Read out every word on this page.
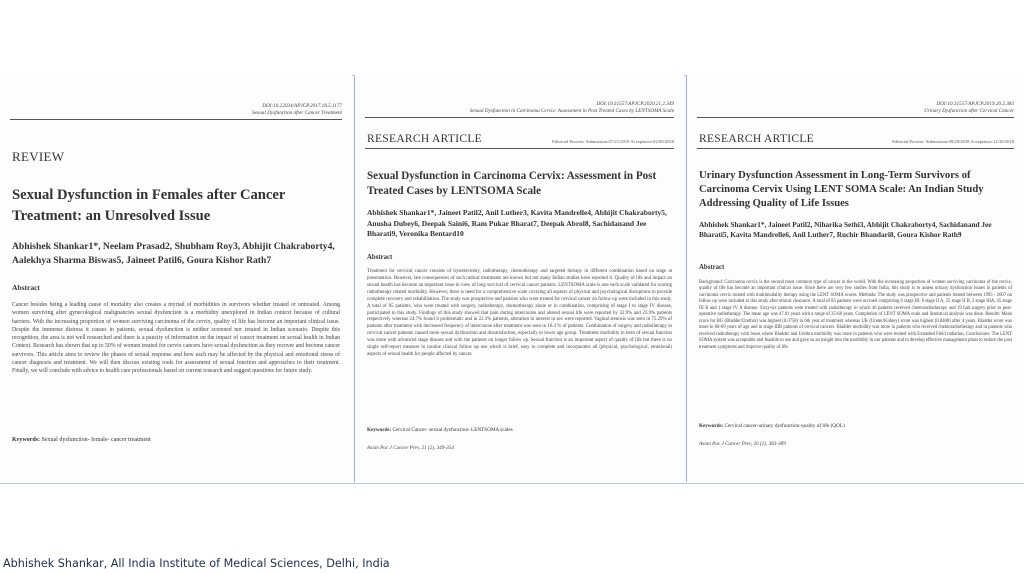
DOI:10.22034/APJCP.2017.18.5.1177
Sexual Dysfunction after Cancer Treatment
REVIEW
Sexual Dysfunction in Females after Cancer Treatment: an Unresolved Issue
Abhishek Shankar1*, Neelam Prasad2, Shubham Roy3, Abhijit Chakraborty4, Aalekhya Sharma Biswas5, Jaineet Patil6, Goura Kishor Rath7
Abstract
Cancer besides being a leading cause of mortality also creates a myriad of morbidities in survivors whether treated or untreated. Among women surviving after gynecological malignancies sexual dysfunction is a morbidity unexplored in Indian context because of cultural barriers. With the increasing proportion of women surviving carcinoma of the cervix, quality of life has become an important clinical issue. Despite the immense distress it causes in patients, sexual dysfunction is neither screened nor treated in Indian scenario. Despite this recognition, the area is not well researched and there is a paucity of information on the impact of cancer treatment on sexual health in Indian Context. Research has shown that up to 50% of women treated for cervix cancers have sexual dysfunction as they recover and become cancer survivors. This article aims to review the phases of sexual response and how each may be affected by the physical and emotional stress of cancer diagnosis and treatment. We will then discuss existing tools for assessment of sexual function and approaches to their treatment. Finally, we will conclude with advice to health care professionals based on current research and suggest questions for future study.
Keywords: Sexual dysfunction- female- cancer treatment
DOI:10.31557/APJCP.2020.21.2.349
Sexual Dysfunction in Carcinoma Cervix: Assessment in Post Treated Cases by LENTSOMA Scale
RESEARCH ARTICLE	Editorial Process: Submission:07/21/2019 Acceptance:02/09/2020
Sexual Dysfunction in Carcinoma Cervix: Assessment in Post Treated Cases by LENTSOMA Scale
Abhishek Shankar1*, Jaineet Patil2, Anil Luther3, Kavita Mandrelle4, Abhijit Chakraborty5, Anusha Dubey6, Deepak Saini6, Ram Pukar Bharat7, Deepak Abrol8, Sachidanand Jee Bharati9, Veronika Bentard10
Abstract
Treatment for cervical cancer consists of hysterectomy, radiotherapy, chemotherapy and targeted therapy in different combination based on stage at presentation. However, late consequences of such radical treatments are known but not many Indian studies have reported it. Quality of life and impact on sexual health has become an important issue in view of long survival of cervical cancer patients. LENTSOMA scale is one such scale validated for scoring radiotherapy related morbidity. However, there is need for a comprehensive scale covering all aspects of physical and psychological disruptions to provide complete recovery and rehabilitation. The study was prospective and patients who were treated for cervical cancer on follow up were included in this study. A total of 85 patients, who were treated with surgery, radiotherapy, chemotherapy alone or in combination, comprising of stage I to stage IV disease, participated in this study. Findings of this study showed that pain during intercourse and altered sexual life were reported by 32.9% and 25.9% patients respectively whereas 24.7% found it problematic and in 22.3% patients, alteration in interest in sex were reported. Vaginal stenosis was seen in 75.29% of patients after treatment with decreased frequency of intercourse after treatment was seen in 16.4 % of patients. Combination of surgery and radiotherapy in cervical cancer patients caused more sexual dysfunction and dissatisfaction, especially in lower age group. Treatment morbidity in term of sexual function was more with advanced stage disease and with the patients on longer follow up. Sexual function is an important aspect of quality of life but there is no single self-report measure in routine clinical follow up use which is brief, easy to complete and incorporates all (physical, psychological, emotional) aspects of sexual health for people affected by cancer.
Keywords: Cervical Cancer- sexual dysfunction- LENTSOMA scales
Asian Pac J Cancer Prev, 21 (2), 349-354
DOI:10.31557/APJCP.2019.20.2.383
Urinary Dysfunction after Cervical Cancer
RESEARCH ARTICLE	Editorial Process: Submission:08/29/2018 Acceptance:12/30/2018
Urinary Dysfunction Assessment in Long-Term Survivors of Carcinoma Cervix Using LENT SOMA Scale: An Indian Study Addressing Quality of Life Issues
Abhishek Shankar1*, Jaineet Patil2, Niharika Sethi3, Abhijit Chakraborty4, Sachidanand Jee Bharati5, Kavita Mandrelle6, Anil Luther7, Ruchir Bhandari8, Goura Kishor Rath9
Abstract
Background: Carcinoma cervix is the second most common type of cancer in the world. With the increasing proportion of women surviving carcinoma of the cervix, quality of life has become an important clinical issue. Since there are very few studies from India, this study is to assess urinary dysfunction issues in patients of carcinoma cervix treated with multimodality therapy using the LENT SOMA scores. Methods: The study was prospective and patients treated between 1995 - 2007 on follow up were included in this study after ethical clearance. A total of 85 patients were accrued comprising 6 stage IB, 6 stage II A, 25 stage II B, 2 stage IIIA, 45 stage III B and 1 stage IV A disease. Sixty-six patients were treated with radiotherapy in which 46 patients received chemoradiotherapy and 19 had surgery prior to post-operative radiotherapy. The mean age was 47.81 years with a range of 25-68 years. Completion of LENT SOMA scale and Statistical analysis was done. Results: Mean score for BU (Bladder/Urethra) was highest (0.0758) in 6th year of treatment whereas UK (Ureter/Kidney) score was highest (0.0408) after 4 years. Bladder score was more in 60-69 years of age and in stage IIIB patients of cervical cancers. Bladder morbidity was more in patients who received chemoradiotherapy and in patients who received radiotherapy with boost where Bladder and Urethra morbidity was more in patients who were treated with Extended Field radiation. Conclusions: The LENT SOMA system was acceptable and feasible to use and gave us an insight into the morbidity in our patients and to develop effective management plans to reduce the post treatment symptoms and improve quality of life.
Keywords: Cervical cancer-urinary dysfunction-quality of life (QOL)
Asian Pac J Cancer Prev, 20 (2), 383-389
Abhishek Shankar, All India Institute of Medical Sciences, Delhi, India
